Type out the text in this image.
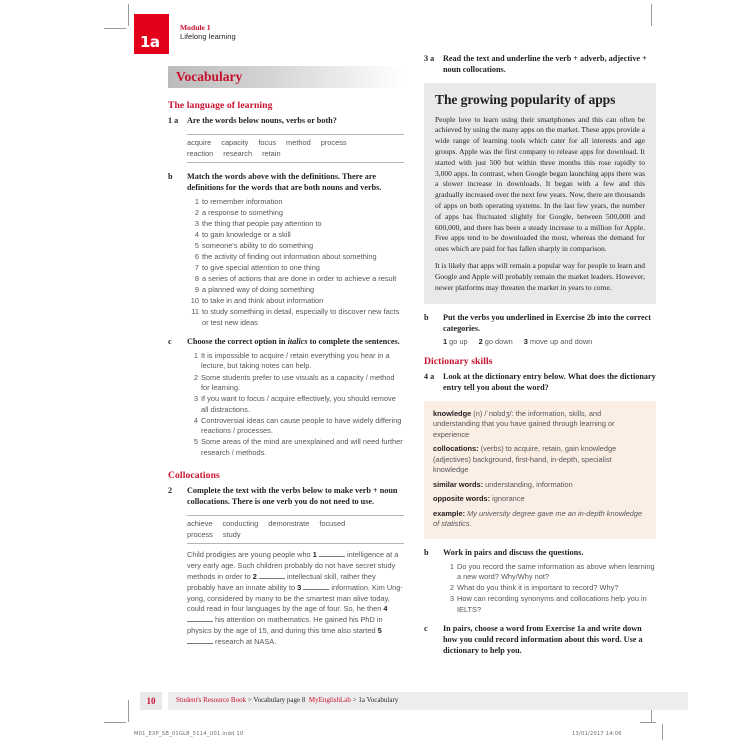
1a
Module 1
Lifelong learning
Vocabulary
The language of learning
1 a Are the words below nouns, verbs or both?
acquire capacity focus method process
reaction research retain
b Match the words above with the definitions. There are definitions for the words that are both nouns and verbs.
1 to remember information
2 a response to something
3 the thing that people pay attention to
4 to gain knowledge or a skill
5 someone's ability to do something
6 the activity of finding out information about something
7 to give special attention to one thing
8 a series of actions that are done in order to achieve a result
9 a planned way of doing something
10 to take in and think about information
11 to study something in detail, especially to discover new facts or test new ideas
c Choose the correct option in italics to complete the sentences.
1 It is impossible to acquire / retain everything you hear in a lecture, but taking notes can help.
2 Some students prefer to use visuals as a capacity / method for learning.
3 If you want to focus / acquire effectively, you should remove all distractions.
4 Controversial ideas can cause people to have widely differing reactions / processes.
5 Some areas of the mind are unexplained and will need further research / methods.
Collocations
2 Complete the text with the verbs below to make verb + noun collocations. There is one verb you do not need to use.
achieve conducting demonstrate focused
process study
Child prodigies are young people who 1	intelligence at a very early age. Such children probably do not have secret study methods in order to 2	intellectual skill, rather they probably have an innate ability to 3	information. Kim Ung-yong, considered by many to be the smartest man alive today, could read in four languages by the age of four. So, he then 4  his attention on mathematics. He gained his PhD in physics by the age of 15, and during this time also started 5  research at NASA.
3 a Read the text and underline the verb + adverb, adjective + noun collocations.
The growing popularity of apps

People love to learn using their smartphones and this can often be achieved by using the many apps on the market. These apps provide a wide range of learning tools which cater for all interests and age groups. Apple was the first company to release apps for download. It started with just 500 but within three months this rose rapidly to 3,000 apps. In contrast, when Google began launching apps there was a slower increase in downloads. It began with a few and this gradually increased over the next few years. Now, there are thousands of apps on both operating systems. In the last few years, the number of apps has fluctuated slightly for Google, between 500,000 and 600,000, and there has been a steady increase to a million for Apple. Free apps tend to be downloaded the most, whereas the demand for ones which are paid for has fallen sharply in comparison.

It is likely that apps will remain a popular way for people to learn and Google and Apple will probably remain the market leaders. However, newer platforms may threaten the market in years to come.

b Put the verbs you underlined in Exercise 2b into the correct categories.
1 go up 2 go down 3 move up and down
Dictionary skills
4 a Look at the dictionary entry below. What does the dictionary entry tell you about the word?

knowledge (n) /ˈnɒlɪdʒ/: the information, skills, and understanding that you have gained through learning or experience

collocations: (verbs) to acquire, retain, gain knowledge (adjectives) background, first-hand, in-depth, specialist knowledge

similar words: understanding, information

opposite words: ignorance

example: My university degree gave me an in-depth knowledge of statistics.

b Work in pairs and discuss the questions.
1 Do you record the same information as above when learning a new word? Why/Why not?
2 What do you think it is important to record? Why?
3 How can recording synonyms and collocations help you in IELTS?
c In pairs, choose a word from Exercise 1a and write down how you could record information about this word. Use a dictionary to help you.
10	Student's Resource Book > Vocabulary page 8 MyEnglishLab > 1a Vocabulary
M01_EXP_SB_01GLB_5114_U01.indd 10	13/01/2017 14:06
